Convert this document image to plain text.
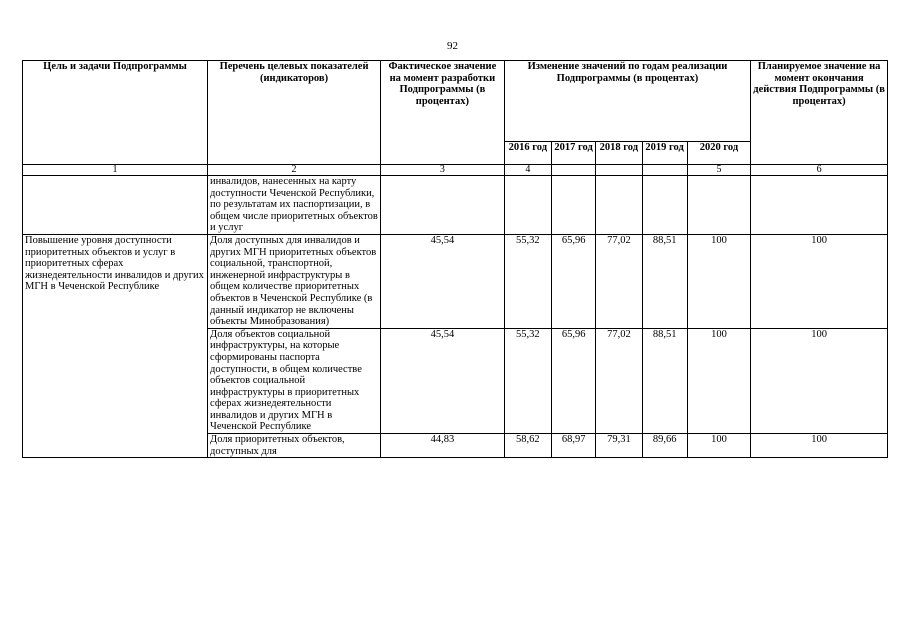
92
Цель и задачи Подпрограммы	Перечень целевых показателей (индикаторов)	Фактическое значение на момент разработки Подпрограммы (в процентах)	Изменение значений по годам реализации Подпрограммы (в процентах)					Планируемое значение на момент окончания действия Подпрограммы (в процентах)
			2016 год	2017 год	2018 год	2019 год	2020 год	
1	2	3	4				5	6
	инвалидов, нанесенных на карту доступности Чеченской Республики, по результатам их паспортизации, в общем числе приоритетных объектов и услуг							
Повышение уровня доступности приоритетных объектов и услуг в приоритетных сферах жизнедеятельности инвалидов и других МГН в Чеченской Республике	Доля доступных для инвалидов и других МГН приоритетных объектов социальной, транспортной, инженерной инфраструктуры в общем количестве приоритетных объектов в Чеченской Республике (в данный индикатор не включены объекты Минобразования)	45,54	55,32	65,96	77,02	88,51	100	100
	Доля объектов социальной инфраструктуры, на которые сформированы паспорта доступности, в общем количестве объектов социальной инфраструктуры в приоритетных сферах жизнедеятельности инвалидов и других МГН в Чеченской Республике	45,54	55,32	65,96	77,02	88,51	100	100
	Доля приоритетных объектов, доступных для	44,83	58,62	68,97	79,31	89,66	100	100
